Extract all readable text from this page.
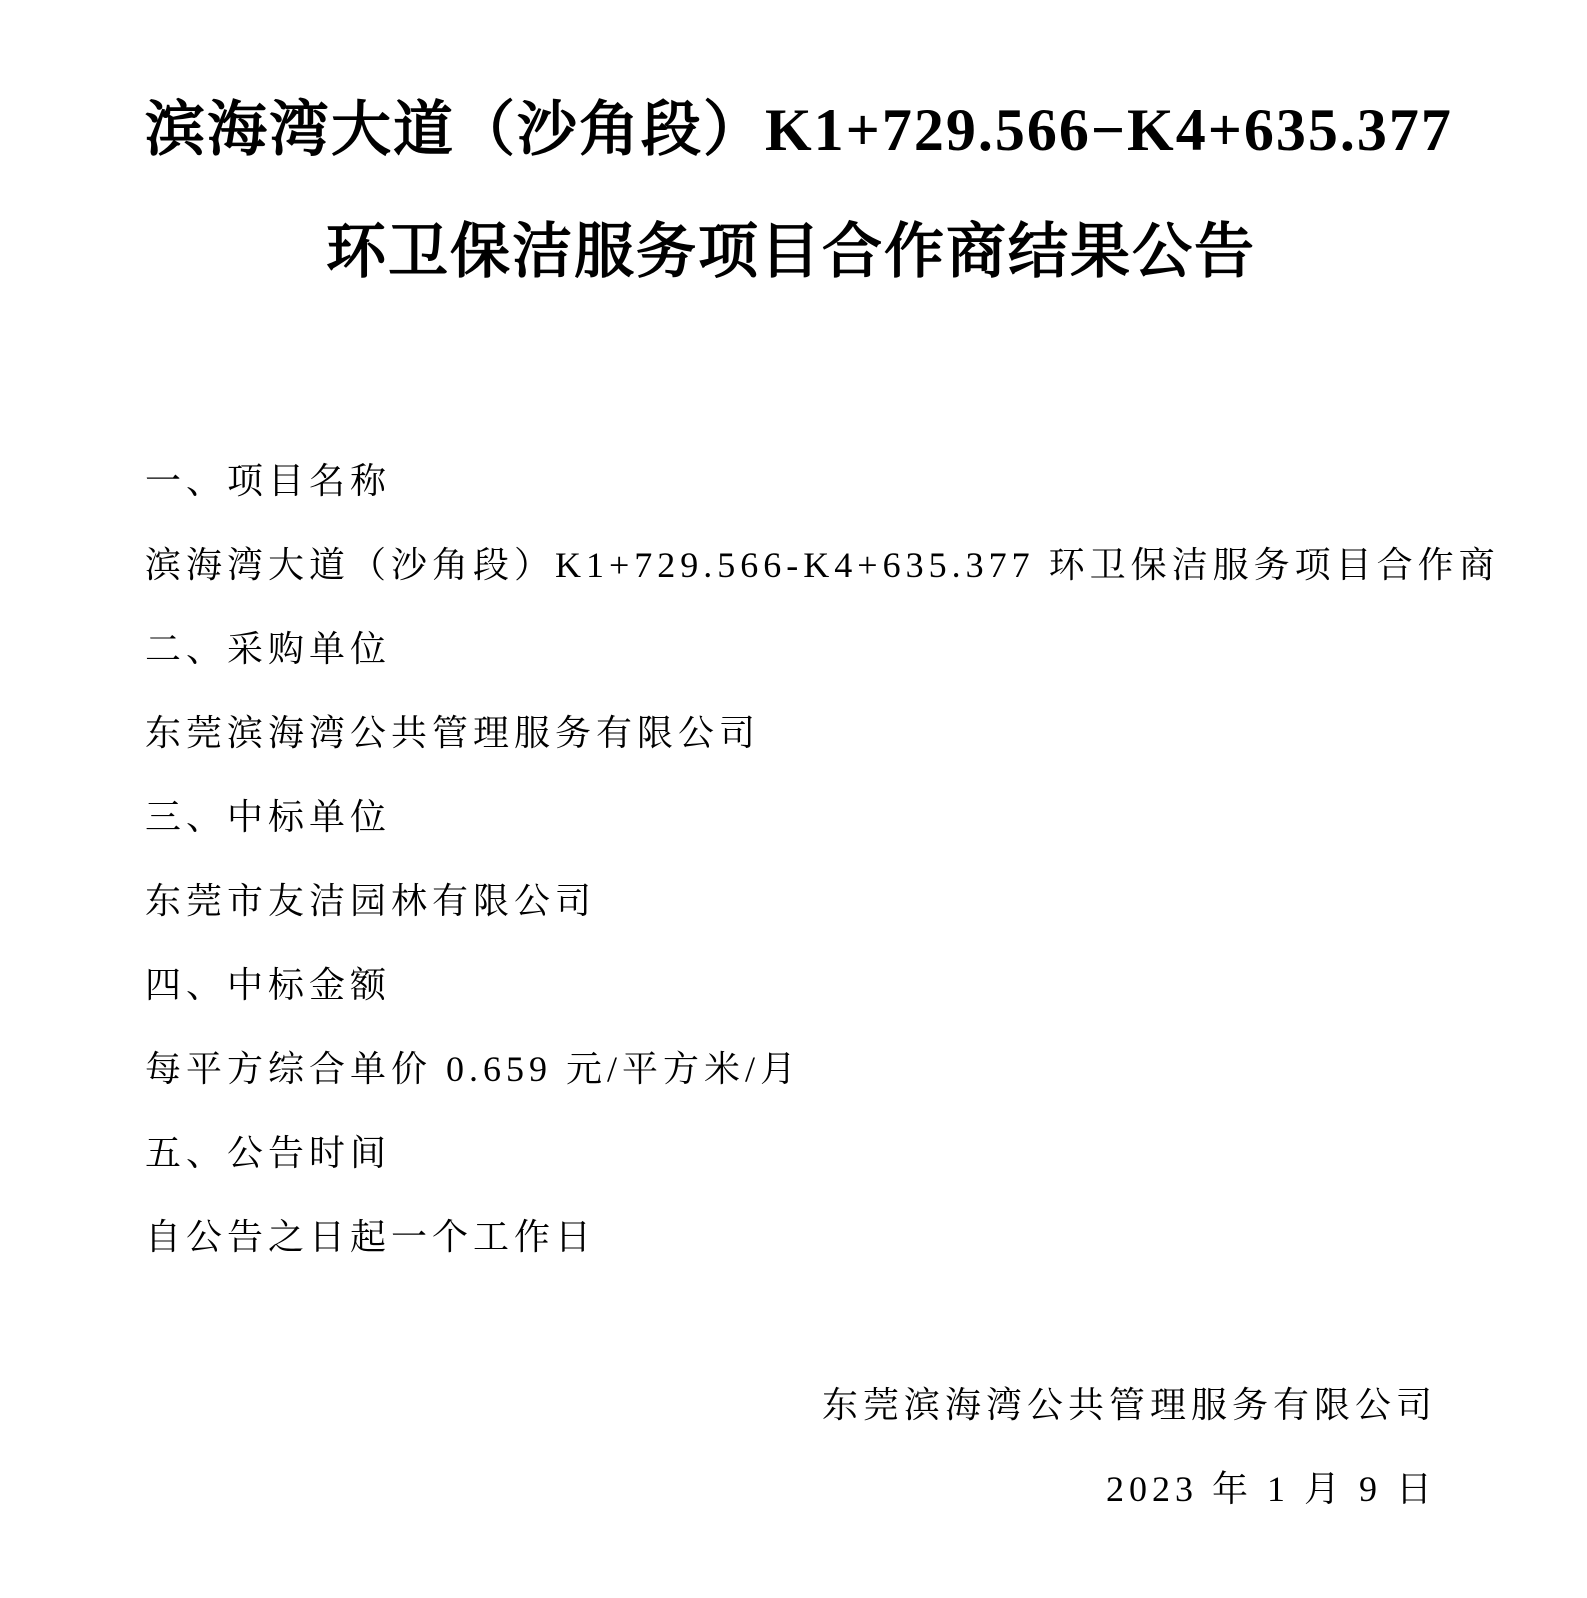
滨海湾大道（沙角段）K1+729.566−K4+635.377
环卫保洁服务项目合作商结果公告

一、项目名称

滨海湾大道（沙角段）K1+729.566-K4+635.377 环卫保洁服务项目合作商

二、采购单位

东莞滨海湾公共管理服务有限公司

三、中标单位

东莞市友洁园林有限公司

四、中标金额

每平方综合单价 0.659 元/平方米/月

五、公告时间

自公告之日起一个工作日

东莞滨海湾公共管理服务有限公司
2023 年 1 月 9 日
